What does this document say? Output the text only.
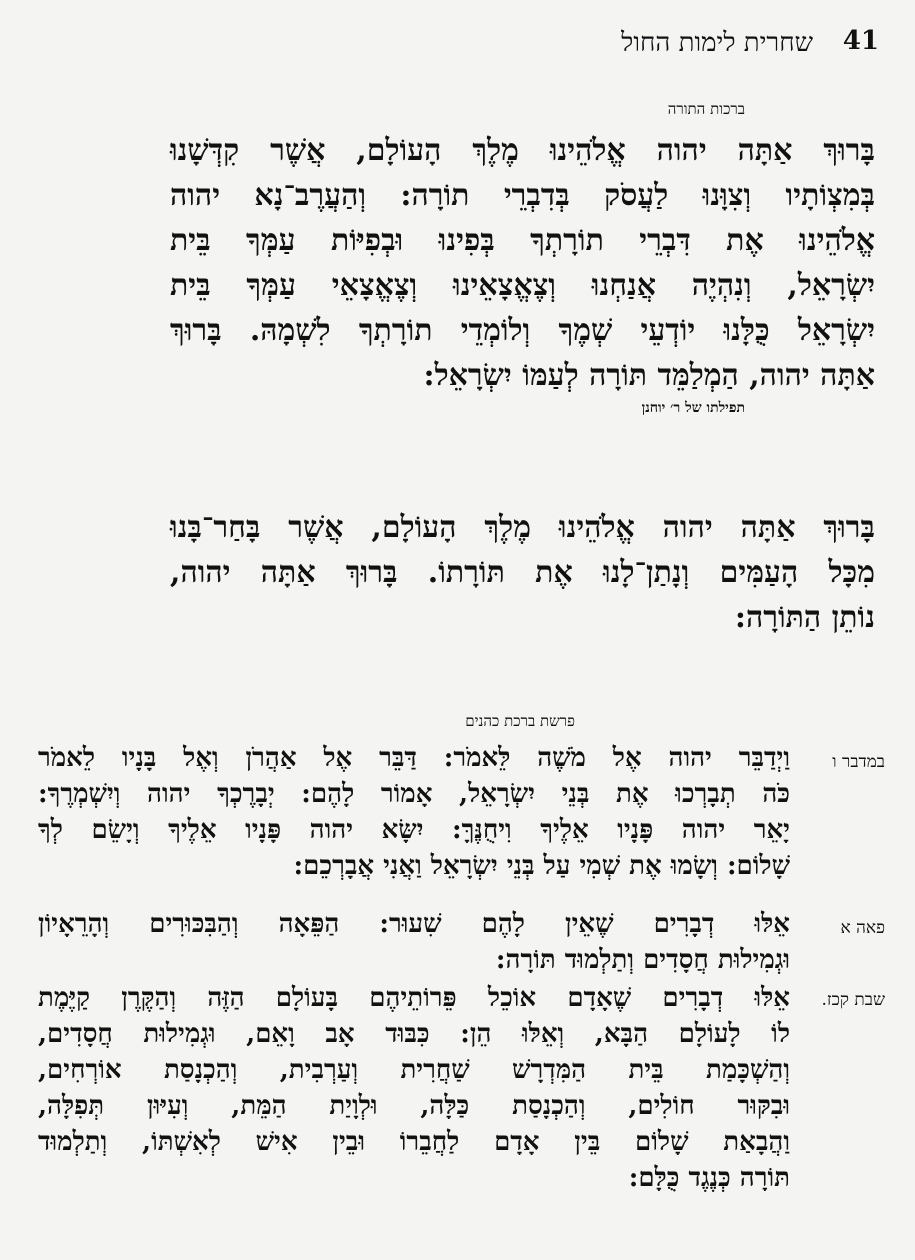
41
שחרית לימות החול
ברכות התורה
בָּרוּךְ אַתָּה יהוה אֱלֹהֵינוּ מֶלֶךְ הָעוֹלָם, אֲשֶׁר קִדְּשָׁנוּ
בְּמִצְוֹתָיו וְצִוָּנוּ לַעֲסֹק בְּדִבְרֵי תוֹרָה: וְהַעֲרֶב־נָא יהוה
אֱלֹהֵינוּ אֶת דִּבְרֵי תוֹרָתְךָ בְּפִינוּ וּבְפִיּוֹת עַמְּךָ בֵּית
יִשְׂרָאֵל, וְנִהְיֶה אֲנַחְנוּ וְצֶאֱצָאֵינוּ וְצֶאֱצָאֵי עַמְּךָ בֵּית
יִשְׂרָאֵל כֻּלָּנוּ יוֹדְעֵי שְׁמֶךָ וְלוֹמְדֵי תוֹרָתְךָ לִשְׁמָהּ. בָּרוּךְ
אַתָּה יהוה, הַמְלַמֵּד תּוֹרָה לְעַמּוֹ יִשְׂרָאֵל:
תפילתו של ר׳ יוחנן
בָּרוּךְ אַתָּה יהוה אֱלֹהֵינוּ מֶלֶךְ הָעוֹלָם, אֲשֶׁר בָּחַר־בָּנוּ
מִכָּל הָעַמִּים וְנָתַן־לָנוּ אֶת תּוֹרָתוֹ. בָּרוּךְ אַתָּה יהוה,
נוֹתֵן הַתּוֹרָה:
פרשת ברכת כהנים
במדבר ו
וַיְדַבֵּר יהוה אֶל מֹשֶׁה לֵּאמֹר: דַּבֵּר אֶל אַהֲרֹן וְאֶל בָּנָיו לֵאמֹר
כֹּה תְבָרְכוּ אֶת בְּנֵי יִשְׂרָאֵל, אָמוֹר לָהֶם: יְבָרֶכְךָ יהוה וְיִשְׁמְרֶךָ:
יָאֵר יהוה פָּנָיו אֵלֶיךָ וִיחֻנֶּךָּ: יִשָּׂא יהוה פָּנָיו אֵלֶיךָ וְיָשֵׂם לְךָ
שָׁלוֹם: וְשָׂמוּ אֶת שְׁמִי עַל בְּנֵי יִשְׂרָאֵל וַאֲנִי אֲבָרְכֵם:
פאה א
אֵלּוּ דְבָרִים שֶׁאֵין לָהֶם שִׁעוּר: הַפֵּאָה וְהַבִּכּוּרִים וְהָרֵאָיוֹן
וּגְמִילוּת חֲסָדִים וְתַלְמוּד תּוֹרָה:
שבת קכז.
אֵלּוּ דְבָרִים שֶׁאָדָם אוֹכֵל פֵּרוֹתֵיהֶם בָּעוֹלָם הַזֶּה וְהַקֶּרֶן קַיֶּמֶת
לוֹ לָעוֹלָם הַבָּא, וְאֵלּוּ הֵן: כִּבּוּד אָב וָאֵם, וּגְמִילוּת חֲסָדִים,
וְהַשְׁכָּמַת בֵּית הַמִּדְרָשׁ שַׁחֲרִית וְעַרְבִית, וְהַכְנָסַת אוֹרְחִים,
וּבִקּוּר חוֹלִים, וְהַכְנָסַת כַּלָּה, וּלְוָיַת הַמֵּת, וְעִיּוּן תְּפִלָּה,
וַהֲבָאַת שָׁלוֹם בֵּין אָדָם לַחֲבֵרוֹ וּבֵין אִישׁ לְאִשְׁתּוֹ, וְתַלְמוּד
תּוֹרָה כְּנֶגֶד כֻּלָּם:
